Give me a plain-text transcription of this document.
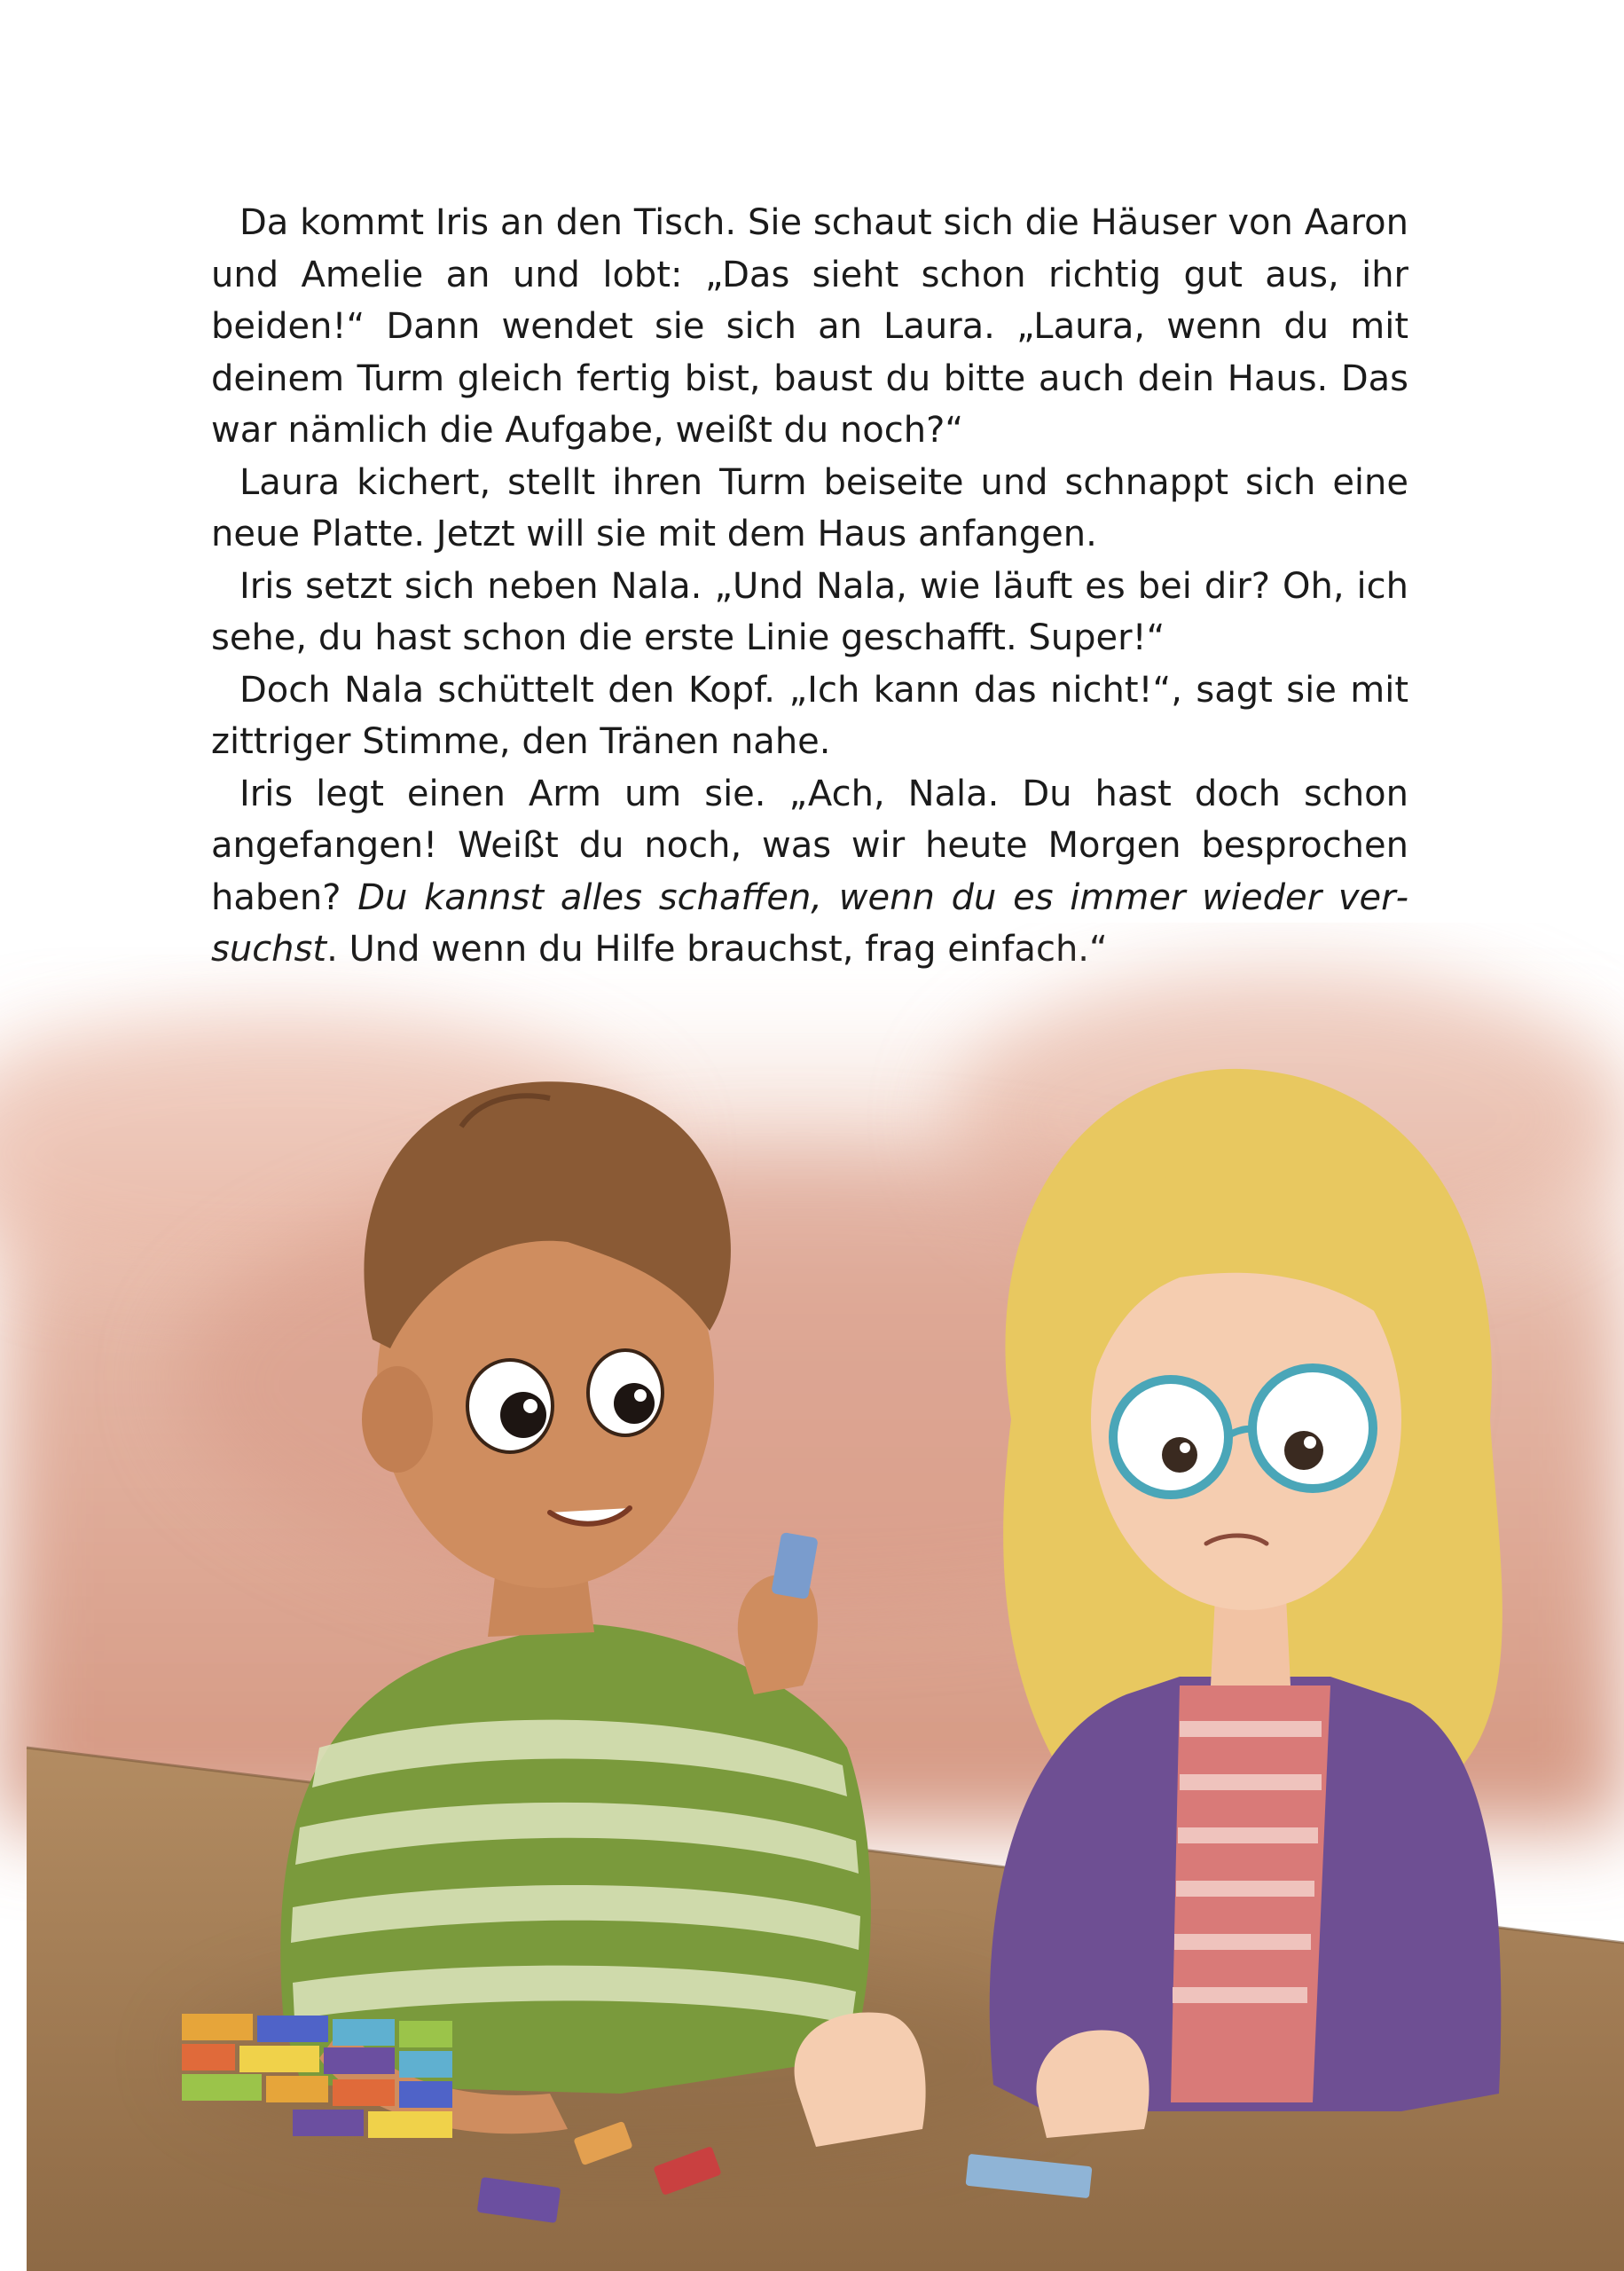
Da kommt Iris an den Tisch. Sie schaut sich die Häuser von Aaron und Amelie an und lobt: „Das sieht schon richtig gut aus, ihr beiden!“ Dann wendet sie sich an Laura. „Laura, wenn du mit deinem Turm gleich fertig bist, baust du bitte auch dein Haus. Das war nämlich die Aufgabe, weißt du noch?“

Laura kichert, stellt ihren Turm beiseite und schnappt sich eine neue Platte. Jetzt will sie mit dem Haus anfangen.

Iris setzt sich neben Nala. „Und Nala, wie läuft es bei dir? Oh, ich sehe, du hast schon die erste Linie geschafft. Super!“

Doch Nala schüttelt den Kopf. „Ich kann das nicht!“, sagt sie mit zittriger Stimme, den Tränen nahe.

Iris legt einen Arm um sie. „Ach, Nala. Du hast doch schon angefangen! Weißt du noch, was wir heute Morgen besprochen haben? Du kannst alles schaffen, wenn du es immer wieder versuchst. Und wenn du Hilfe brauchst, frag einfach.“
